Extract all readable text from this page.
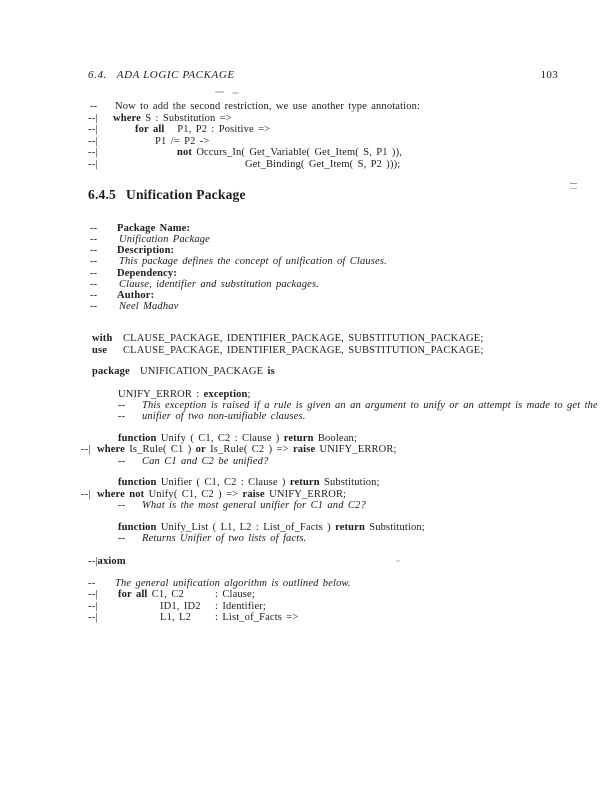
6.4.   ADA LOGIC PACKAGE	103
6.4.5 Unification Package
-- Now to add the second restriction, we use another type annotation:
--| where S : Substitution =>
--|	for all   P1, P2 : Positive =>
--|	P1 /= P2 ->
--|	not Occurs_In( Get_Variable( Get_Item( S, P1 )),
--|	Get_Binding( Get_Item( S, P2 )));
-- Package Name:
-- Unification Package
-- Description:
-- This package defines the concept of unification of Clauses.
-- Dependency:
-- Clause, identifier and substitution packages.
-- Author:
-- Neel Madhav
with CLAUSE_PACKAGE, IDENTIFIER_PACKAGE, SUBSTITUTION_PACKAGE;
use CLAUSE_PACKAGE, IDENTIFIER_PACKAGE, SUBSTITUTION_PACKAGE;
package UNIFICATION_PACKAGE is
UNIFY_ERROR : exception;
-- This exception is raised if a rule is given an an argument to unify or an attempt is made to get the
-- unifier of two non-unifiable clauses.
function Unify ( C1, C2 : Clause ) return Boolean;
--| where Is_Rule( C1 ) or Is_Rule( C2 ) => raise UNIFY_ERROR;
-- Can C1 and C2 be unified?
function Unifier ( C1, C2 : Clause ) return Substitution;
--| where not Unify( C1, C2 ) => raise UNIFY_ERROR;
-- What is the most general unifier for C1 and C2?
function Unify_List ( L1, L2 : List_of_Facts ) return Substitution;
-- Returns Unifier of two lists of facts.
--|axiom
-- The general unification algorithm is outlined below.
--| for all C1, C2	: Clause;
--|	ID1, ID2 : Identifier;
--|	L1, L2 : List_of_Facts =>
